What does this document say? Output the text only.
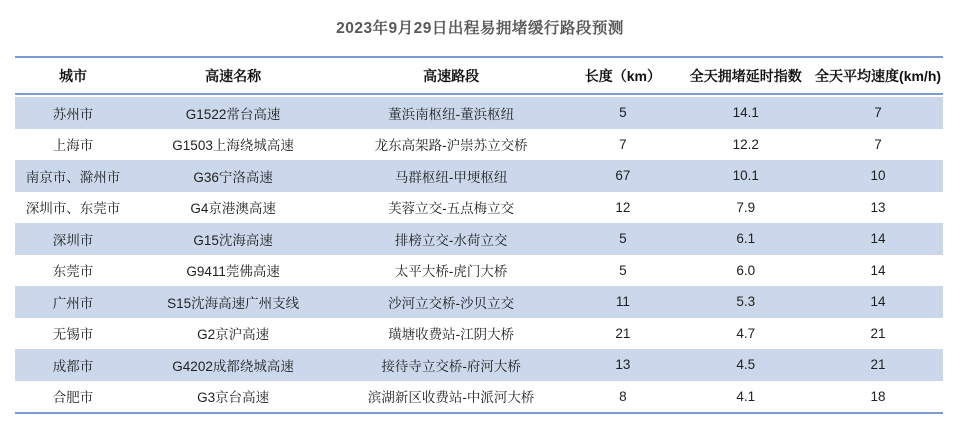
2023年9月29日出程易拥堵缓行路段预测
城市	高速名称	高速路段	长度（km）	全天拥堵延时指数	全天平均速度(km/h)
苏州市	G1522常台高速	董浜南枢纽-董浜枢纽	5	14.1	7
上海市	G1503上海绕城高速	龙东高架路-沪崇苏立交桥	7	12.2	7
南京市、滁州市	G36宁洛高速	马群枢纽-甲埂枢纽	67	10.1	10
深圳市、东莞市	G4京港澳高速	芙蓉立交-五点梅立交	12	7.9	13
深圳市	G15沈海高速	排榜立交-水荷立交	5	6.1	14
东莞市	G9411莞佛高速	太平大桥-虎门大桥	5	6.0	14
广州市	S15沈海高速广州支线	沙河立交桥-沙贝立交	11	5.3	14
无锡市	G2京沪高速	璜塘收费站-江阴大桥	21	4.7	21
成都市	G4202成都绕城高速	接待寺立交桥-府河大桥	13	4.5	21
合肥市	G3京台高速	滨湖新区收费站-中派河大桥	8	4.1	18
